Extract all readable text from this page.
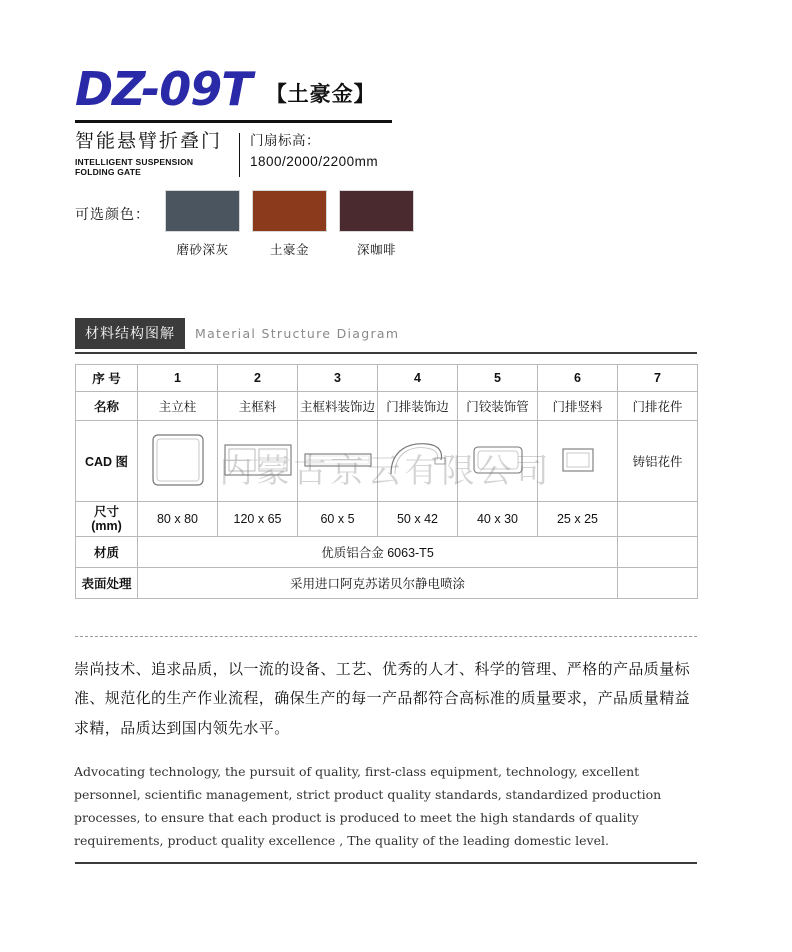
DZ-09T 【土豪金】
智能悬臂折叠门
INTELLIGENT SUSPENSION FOLDING GATE
门扇标高：
1800/2000/2200mm
可选颜色：
磨砂深灰	土豪金	深咖啡
材料结构图解	Material Structure Diagram
序 号	1	2	3	4	5	6	7
名称	主立柱	主框料	主框料装饰边	门排装饰边	门铰装饰管	门排竖料	门排花件
CAD 图							铸铝花件

尺寸
(mm)	80 x 80	120 x 65	60 x 5	50 x 42	40 x 30	25 x 25	
材质	优质铝合金 6063-T5						
表面处理	采用进口阿克苏诺贝尔静电喷涂						
内蒙古京云有限公司
崇尚技术、追求品质，以一流的设备、工艺、优秀的人才、科学的管理、严格的产品质量标准、规范化的生产作业流程，确保生产的每一产品都符合高标准的质量要求，产品质量精益求精，品质达到国内领先水平。
Advocating technology, the pursuit of quality, first-class equipment, technology, excellent personnel, scientific management, strict product quality standards, standardized production processes, to ensure that each product is produced to meet the high standards of quality requirements, product quality excellence , The quality of the leading domestic level.
